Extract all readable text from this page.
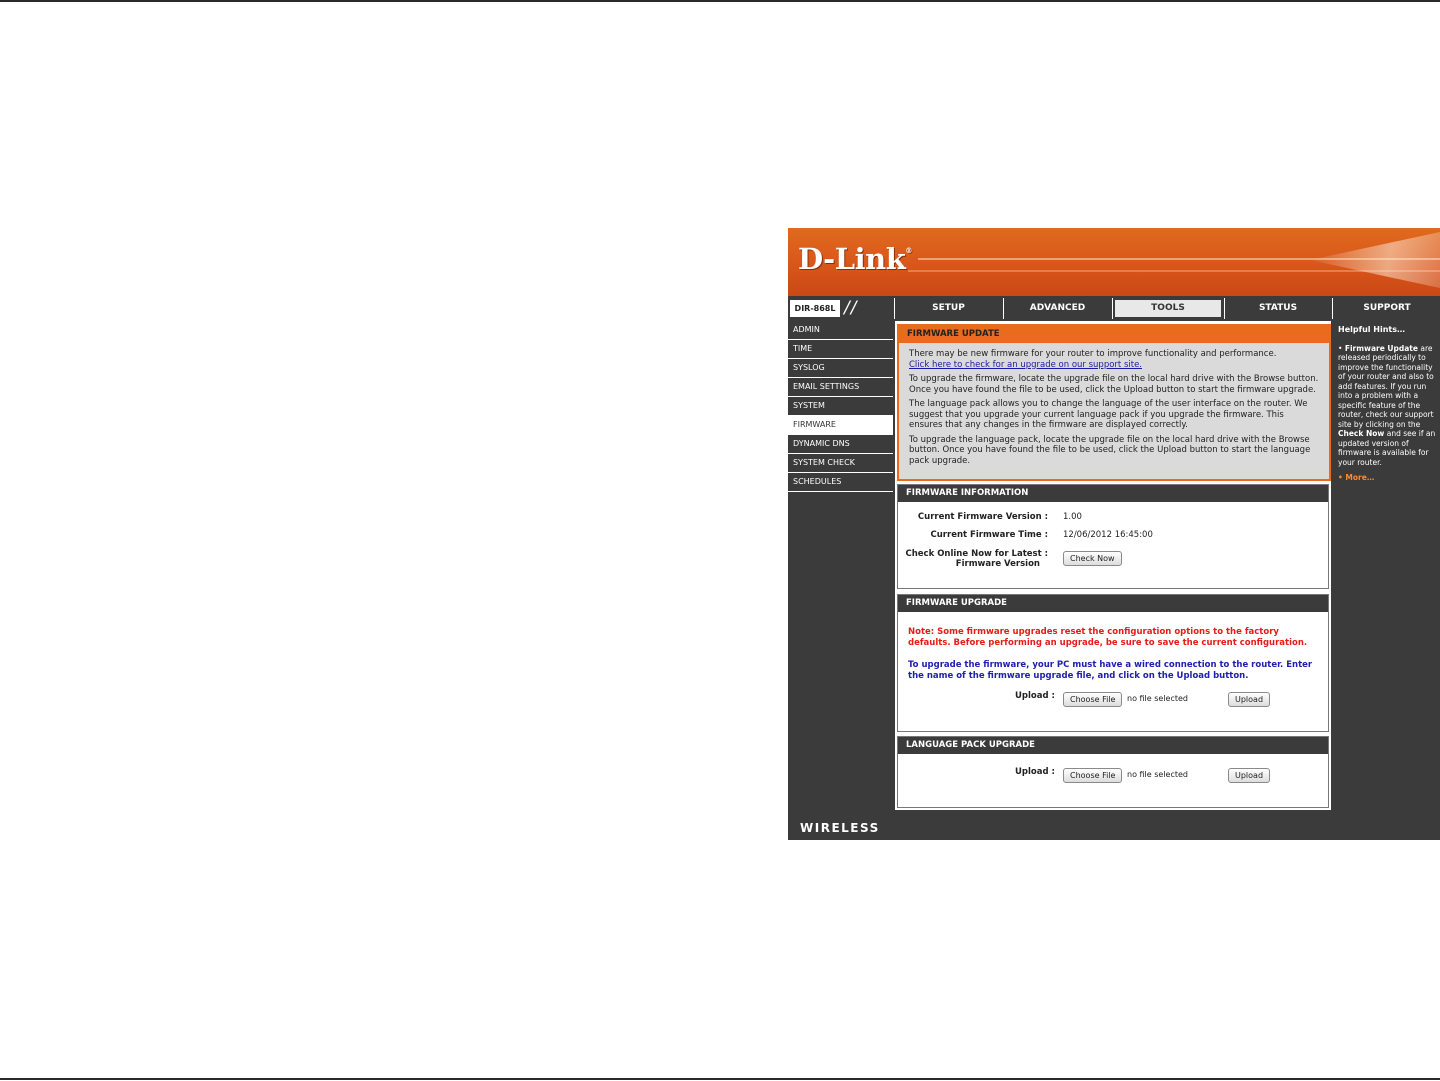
D-Link®
DIR-868L //	SETUP	ADVANCED	TOOLS	STATUS	SUPPORT
ADMIN
TIME
SYSLOG
EMAIL SETTINGS
SYSTEM
FIRMWARE
DYNAMIC DNS
SYSTEM CHECK
SCHEDULES
FIRMWARE UPDATE
There may be new firmware for your router to improve functionality and performance.
Click here to check for an upgrade on our support site.
To upgrade the firmware, locate the upgrade file on the local hard drive with the Browse button. Once you have found the file to be used, click the Upload button to start the firmware upgrade.
The language pack allows you to change the language of the user interface on the router. We suggest that you upgrade your current language pack if you upgrade the firmware. This ensures that any changes in the firmware are displayed correctly.
To upgrade the language pack, locate the upgrade file on the local hard drive with the Browse button. Once you have found the file to be used, click the Upload button to start the language pack upgrade.
FIRMWARE INFORMATION
Current Firmware Version : 1.00
Current Firmware Time : 12/06/2012 16:45:00
Check Online Now for Latest :
Firmware Version
Check Now
FIRMWARE UPGRADE
Note: Some firmware upgrades reset the configuration options to the factory defaults. Before performing an upgrade, be sure to save the current configuration.
To upgrade the firmware, your PC must have a wired connection to the router. Enter the name of the firmware upgrade file, and click on the Upload button.
Upload :	Choose File	no file selected	Upload
LANGUAGE PACK UPGRADE
Upload :	Choose File	no file selected	Upload
Helpful Hints…
• Firmware Update are released periodically to improve the functionality of your router and also to add features. If you run into a problem with a specific feature of the router, check our support site by clicking on the Check Now and see if an updated version of firmware is available for your router.
• More…
WIRELESS
